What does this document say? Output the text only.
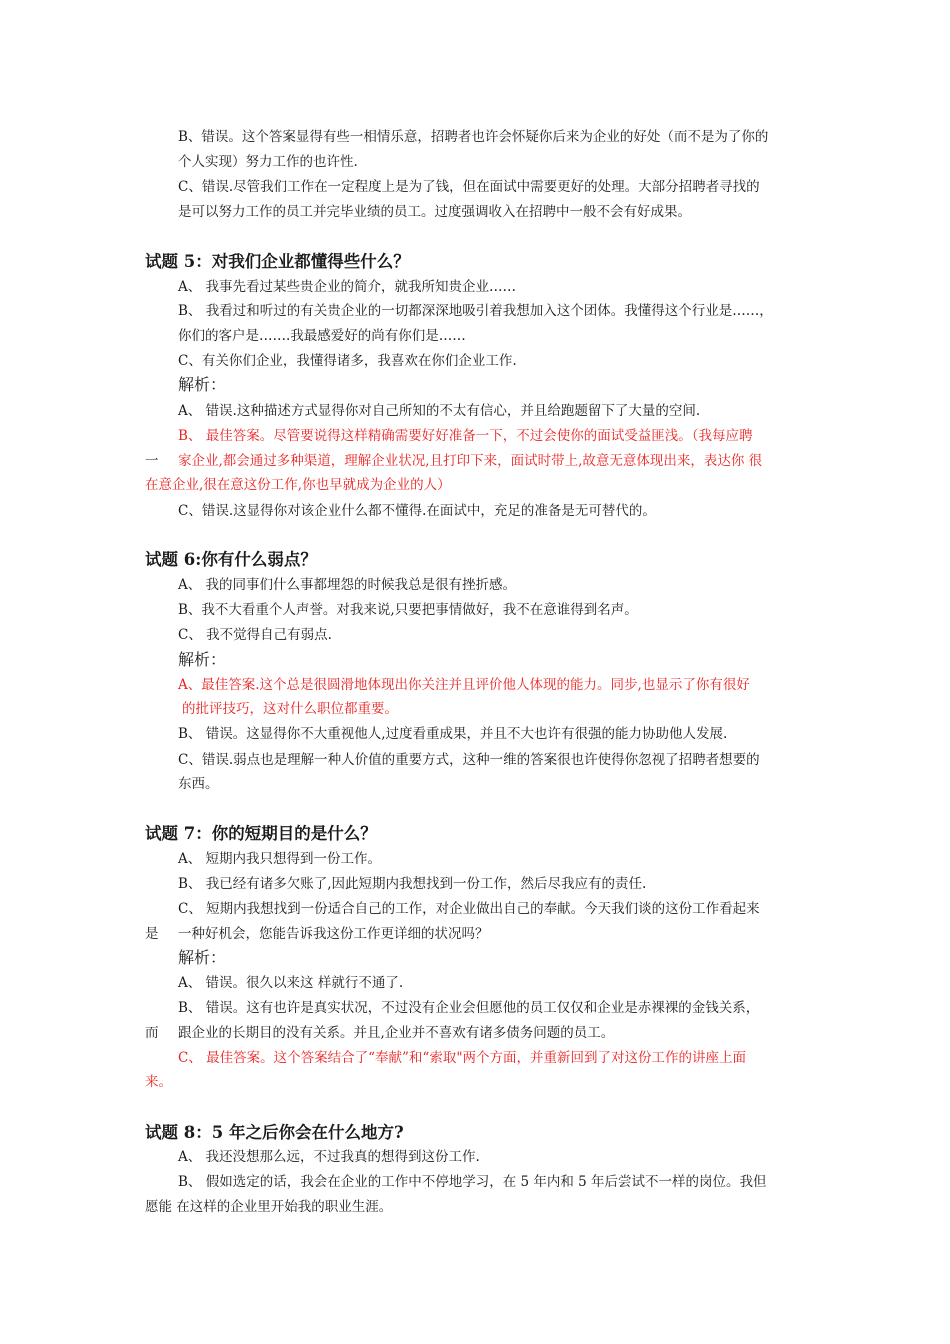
B、错误。这个答案显得有些一相情乐意，招聘者也许会怀疑你后来为企业的好处（而不是为了你的
个人实现）努力工作的也许性.
C、错误.尽管我们工作在一定程度上是为了钱，但在面试中需要更好的处理。大部分招聘者寻找的
是可以努力工作的员工并完毕业绩的员工。过度强调收入在招聘中一般不会有好成果。
试题 5：对我们企业都懂得些什么？
A、 我事先看过某些贵企业的简介，就我所知贵企业……
B、 我看过和听过的有关贵企业的一切都深深地吸引着我想加入这个团体。我懂得这个行业是……，
你们的客户是…….我最感爱好的尚有你们是……
C、有关你们企业，我懂得诸多，我喜欢在你们企业工作.
解析：
A、 错误.这种描述方式显得你对自己所知的不太有信心，并且给跑题留下了大量的空间.
B、 最佳答案。尽管要说得这样精确需要好好准备一下，不过会使你的面试受益匪浅。（我每应聘
一 家企业,都会通过多种渠道，理解企业状况,且打印下来，面试时带上,故意无意体现出来，表达你 很
在意企业,很在意这份工作,你也早就成为企业的人）
C、错误.这显得你对该企业什么都不懂得.在面试中，充足的准备是无可替代的。
试题 6:你有什么弱点？
A、 我的同事们什么事都埋怨的时候我总是很有挫折感。
B、我不大看重个人声誉。对我来说,只要把事情做好，我不在意谁得到名声。
C、 我不觉得自己有弱点.
解析：
A、最佳答案.这个总是很圆滑地体现出你关注并且评价他人体现的能力。同步,也显示了你有很好
的批评技巧，这对什么职位都重要。
B、 错误。这显得你不大重视他人,过度看重成果，并且不大也许有很强的能力协助他人发展.
C、错误.弱点也是理解一种人价值的重要方式，这种一维的答案很也许使得你忽视了招聘者想要的
东西。
试题 7：你的短期目的是什么？
A、 短期内我只想得到一份工作。
B、 我已经有诸多欠账了,因此短期内我想找到一份工作，然后尽我应有的责任.
C、 短期内我想找到一份适合自己的工作，对企业做出自己的奉献。今天我们谈的这份工作看起来
是 一种好机会，您能告诉我这份工作更详细的状况吗？
解析：
A、 错误。很久以来这 样就行不通了.
B、 错误。这有也许是真实状况，不过没有企业会但愿他的员工仅仅和企业是赤裸裸的金钱关系，
而 跟企业的长期目的没有关系。并且,企业并不喜欢有诸多债务问题的员工。
C、 最佳答案。这个答案结合了“奉献”和“索取"两个方面，并重新回到了对这份工作的讲座上面
来。
试题 8：5 年之后你会在什么地方?
A、 我还没想那么远，不过我真的想得到这份工作.
B、 假如选定的话，我会在企业的工作中不停地学习，在 5 年内和 5 年后尝试不一样的岗位。我但
愿能 在这样的企业里开始我的职业生涯。
